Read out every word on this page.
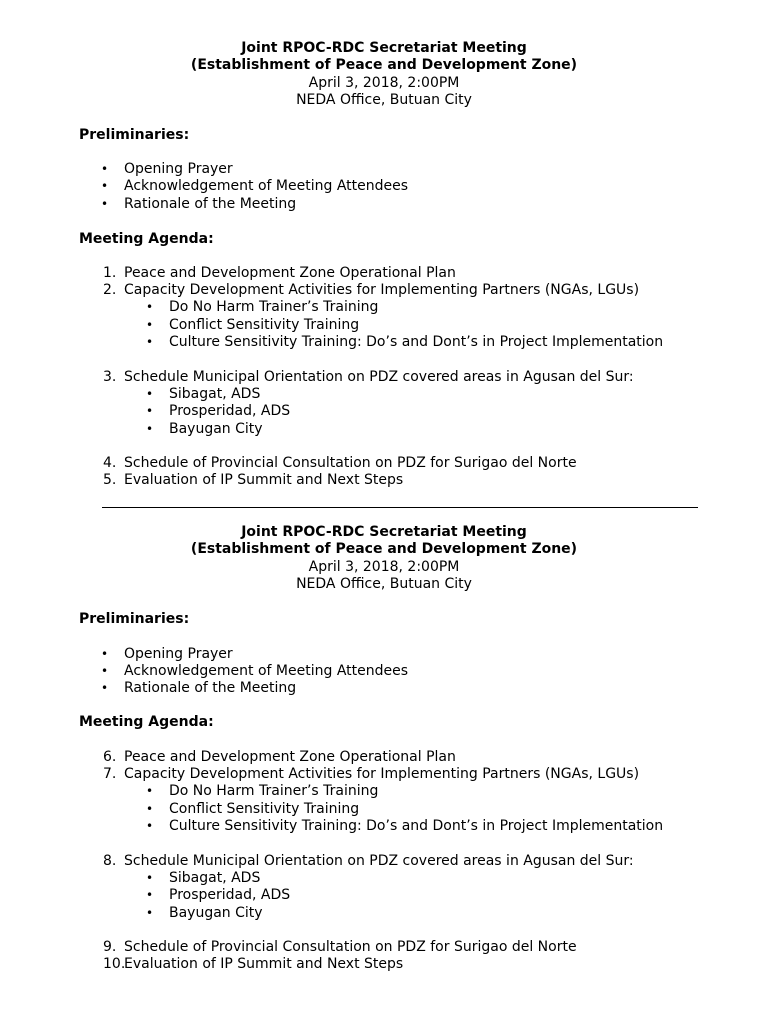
Joint RPOC-RDC Secretariat Meeting
(Establishment of Peace and Development Zone)
April 3, 2018, 2:00PM
NEDA Office, Butuan City
Preliminaries:
• Opening Prayer
• Acknowledgement of Meeting Attendees
• Rationale of the Meeting
Meeting Agenda:
1. Peace and Development Zone Operational Plan
2. Capacity Development Activities for Implementing Partners (NGAs, LGUs)
• Do No Harm Trainer’s Training
• Conflict Sensitivity Training
• Culture Sensitivity Training: Do’s and Dont’s in Project Implementation
3. Schedule Municipal Orientation on PDZ covered areas in Agusan del Sur:
• Sibagat, ADS
• Prosperidad, ADS
• Bayugan City
4. Schedule of Provincial Consultation on PDZ for Surigao del Norte
5. Evaluation of IP Summit and Next Steps
Joint RPOC-RDC Secretariat Meeting
(Establishment of Peace and Development Zone)
April 3, 2018, 2:00PM
NEDA Office, Butuan City
Preliminaries:
• Opening Prayer
• Acknowledgement of Meeting Attendees
• Rationale of the Meeting
Meeting Agenda:
6. Peace and Development Zone Operational Plan
7. Capacity Development Activities for Implementing Partners (NGAs, LGUs)
• Do No Harm Trainer’s Training
• Conflict Sensitivity Training
• Culture Sensitivity Training: Do’s and Dont’s in Project Implementation
8. Schedule Municipal Orientation on PDZ covered areas in Agusan del Sur:
• Sibagat, ADS
• Prosperidad, ADS
• Bayugan City
9. Schedule of Provincial Consultation on PDZ for Surigao del Norte
10.
Evaluation of IP Summit and Next Steps
